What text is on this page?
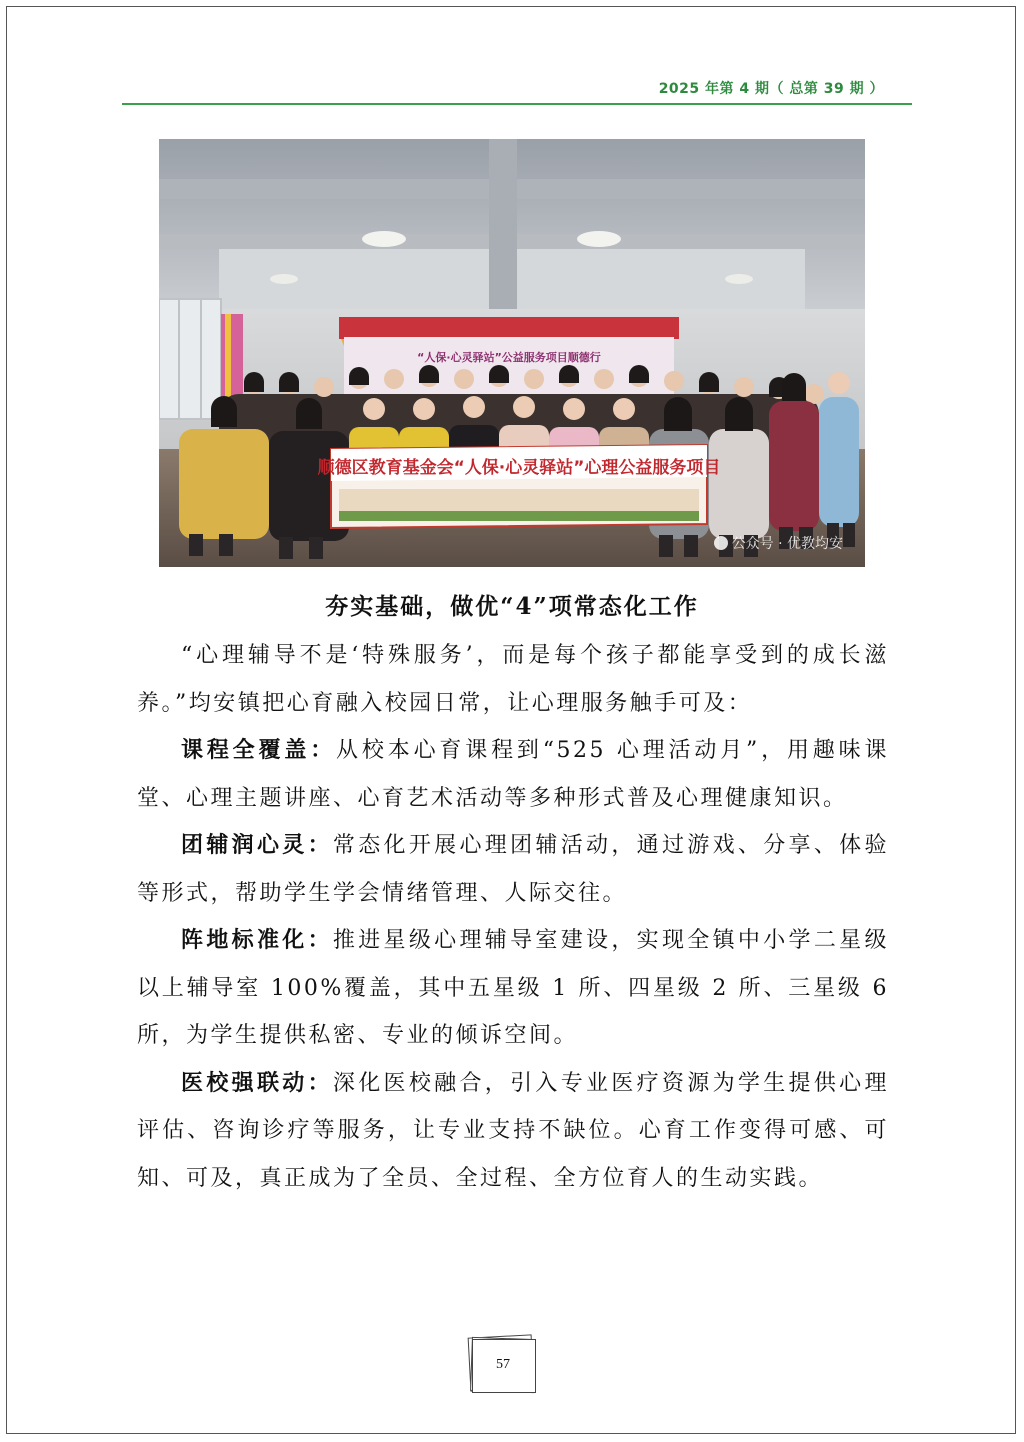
2025 年第 4 期（ 总第 39 期 ）
“人保·心灵驿站”公益服务项目顺德行
顺德区教育基金会“人保·心灵驿站”心理公益服务项目
公众号 · 优教均安
夯实基础，做优“4”项常态化工作

“心理辅导不是‘特殊服务’，而是每个孩子都能享受到的成长滋养。”均安镇把心育融入校园日常，让心理服务触手可及：

课程全覆盖：从校本心育课程到“525 心理活动月”，用趣味课堂、心理主题讲座、心育艺术活动等多种形式普及心理健康知识。

团辅润心灵：常态化开展心理团辅活动，通过游戏、分享、体验等形式，帮助学生学会情绪管理、人际交往。

阵地标准化：推进星级心理辅导室建设，实现全镇中小学二星级以上辅导室 100%覆盖，其中五星级 1 所、四星级 2 所、三星级 6 所，为学生提供私密、专业的倾诉空间。

医校强联动：深化医校融合，引入专业医疗资源为学生提供心理评估、咨询诊疗等服务，让专业支持不缺位。心育工作变得可感、可知、可及，真正成为了全员、全过程、全方位育人的生动实践。

57
